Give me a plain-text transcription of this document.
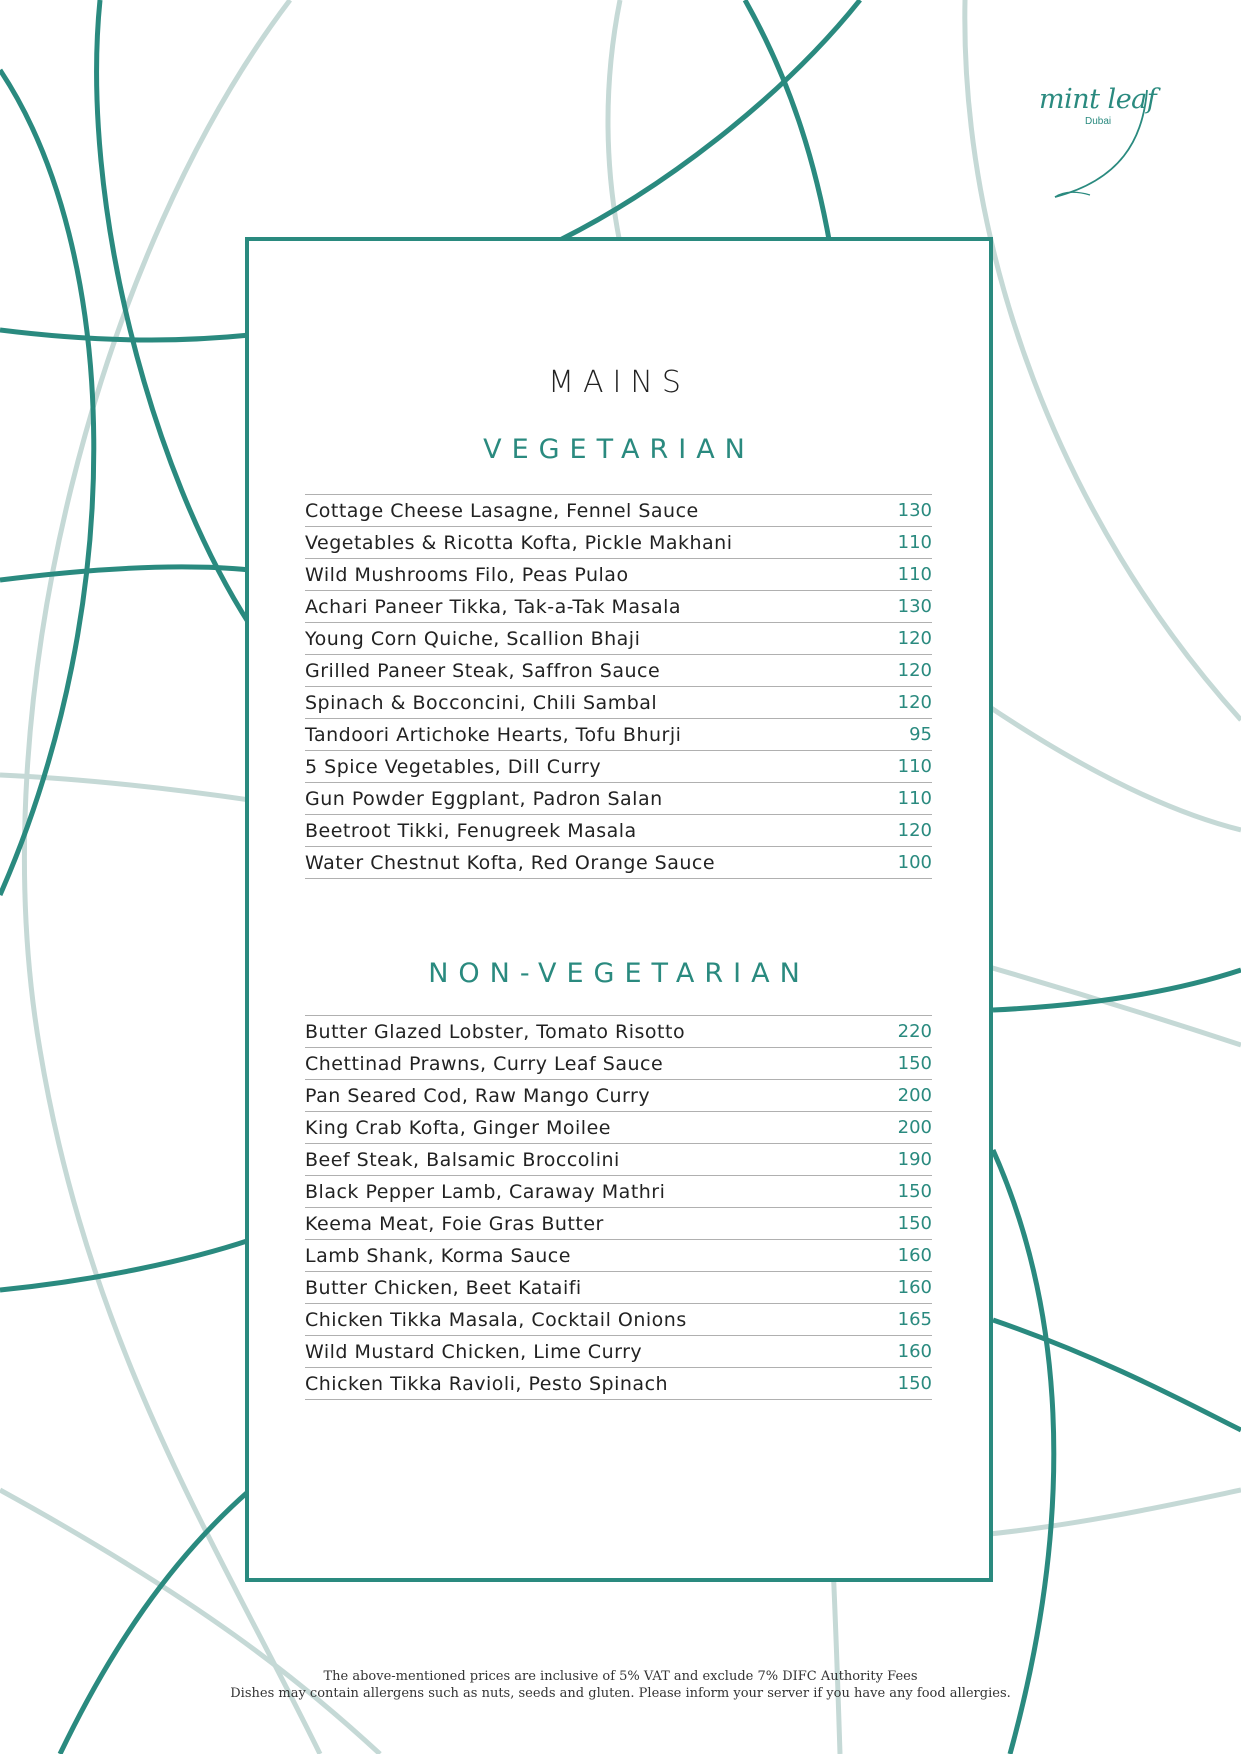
mint leaf
Dubai
MAINS
VEGETARIAN
Cottage Cheese Lasagne, Fennel Sauce	130
Vegetables & Ricotta Kofta, Pickle Makhani	110
Wild Mushrooms Filo, Peas Pulao	110
Achari Paneer Tikka, Tak-a-Tak Masala	130
Young Corn Quiche, Scallion Bhaji	120
Grilled Paneer Steak, Saffron Sauce	120
Spinach & Bocconcini, Chili Sambal	120
Tandoori Artichoke Hearts, Tofu Bhurji	95
5 Spice Vegetables, Dill Curry	110
Gun Powder Eggplant, Padron Salan	110
Beetroot Tikki, Fenugreek Masala	120
Water Chestnut Kofta, Red Orange Sauce	100
NON-VEGETARIAN
Butter Glazed Lobster, Tomato Risotto	220
Chettinad Prawns, Curry Leaf Sauce	150
Pan Seared Cod, Raw Mango Curry	200
King Crab Kofta, Ginger Moilee	200
Beef Steak, Balsamic Broccolini	190
Black Pepper Lamb, Caraway Mathri	150
Keema Meat, Foie Gras Butter	150
Lamb Shank, Korma Sauce	160
Butter Chicken, Beet Kataifi	160
Chicken Tikka Masala, Cocktail Onions	165
Wild Mustard Chicken, Lime Curry	160
Chicken Tikka Ravioli, Pesto Spinach	150
The above-mentioned prices are inclusive of 5% VAT and exclude 7% DIFC Authority Fees
Dishes may contain allergens such as nuts, seeds and gluten. Please inform your server if you have any food allergies.
